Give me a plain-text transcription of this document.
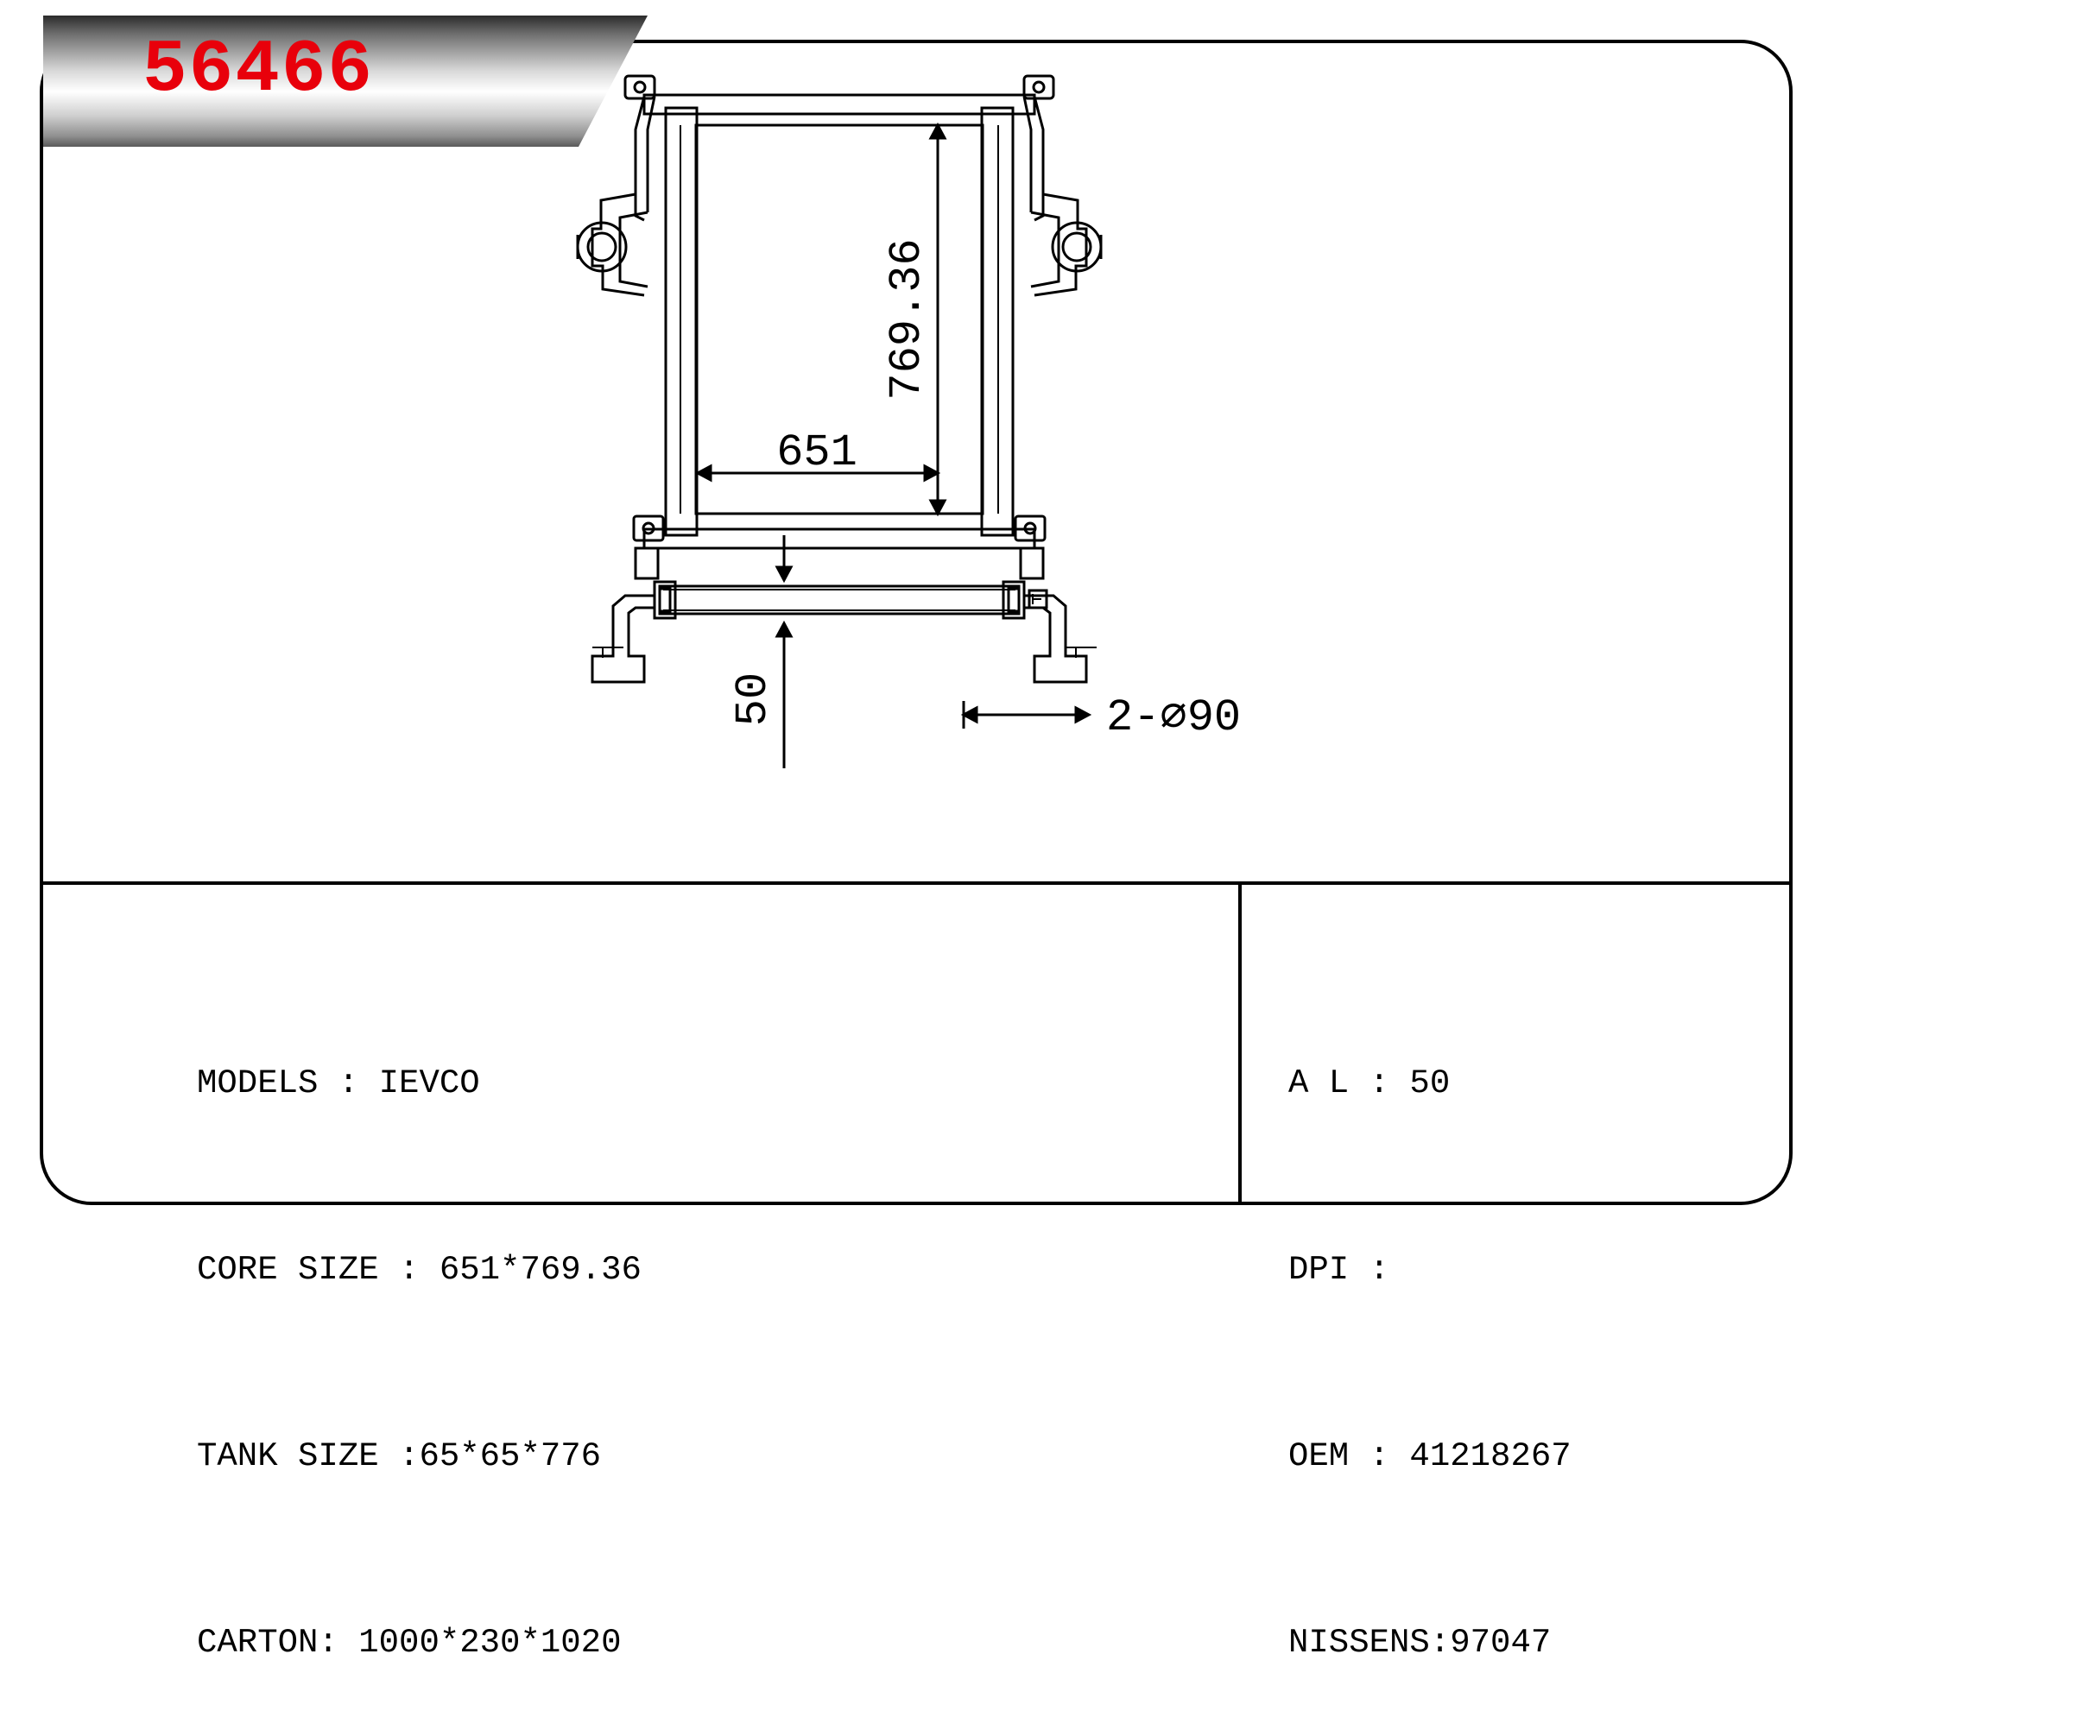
56466
769.36
651
50	2-⌀90

MODELS : IEVCO

CORE SIZE : 651*769.36

TANK SIZE :65*65*776

CARTON: 1000*230*1020

A L : 50

DPI :

OEM : 41218267

NISSENS:97047
